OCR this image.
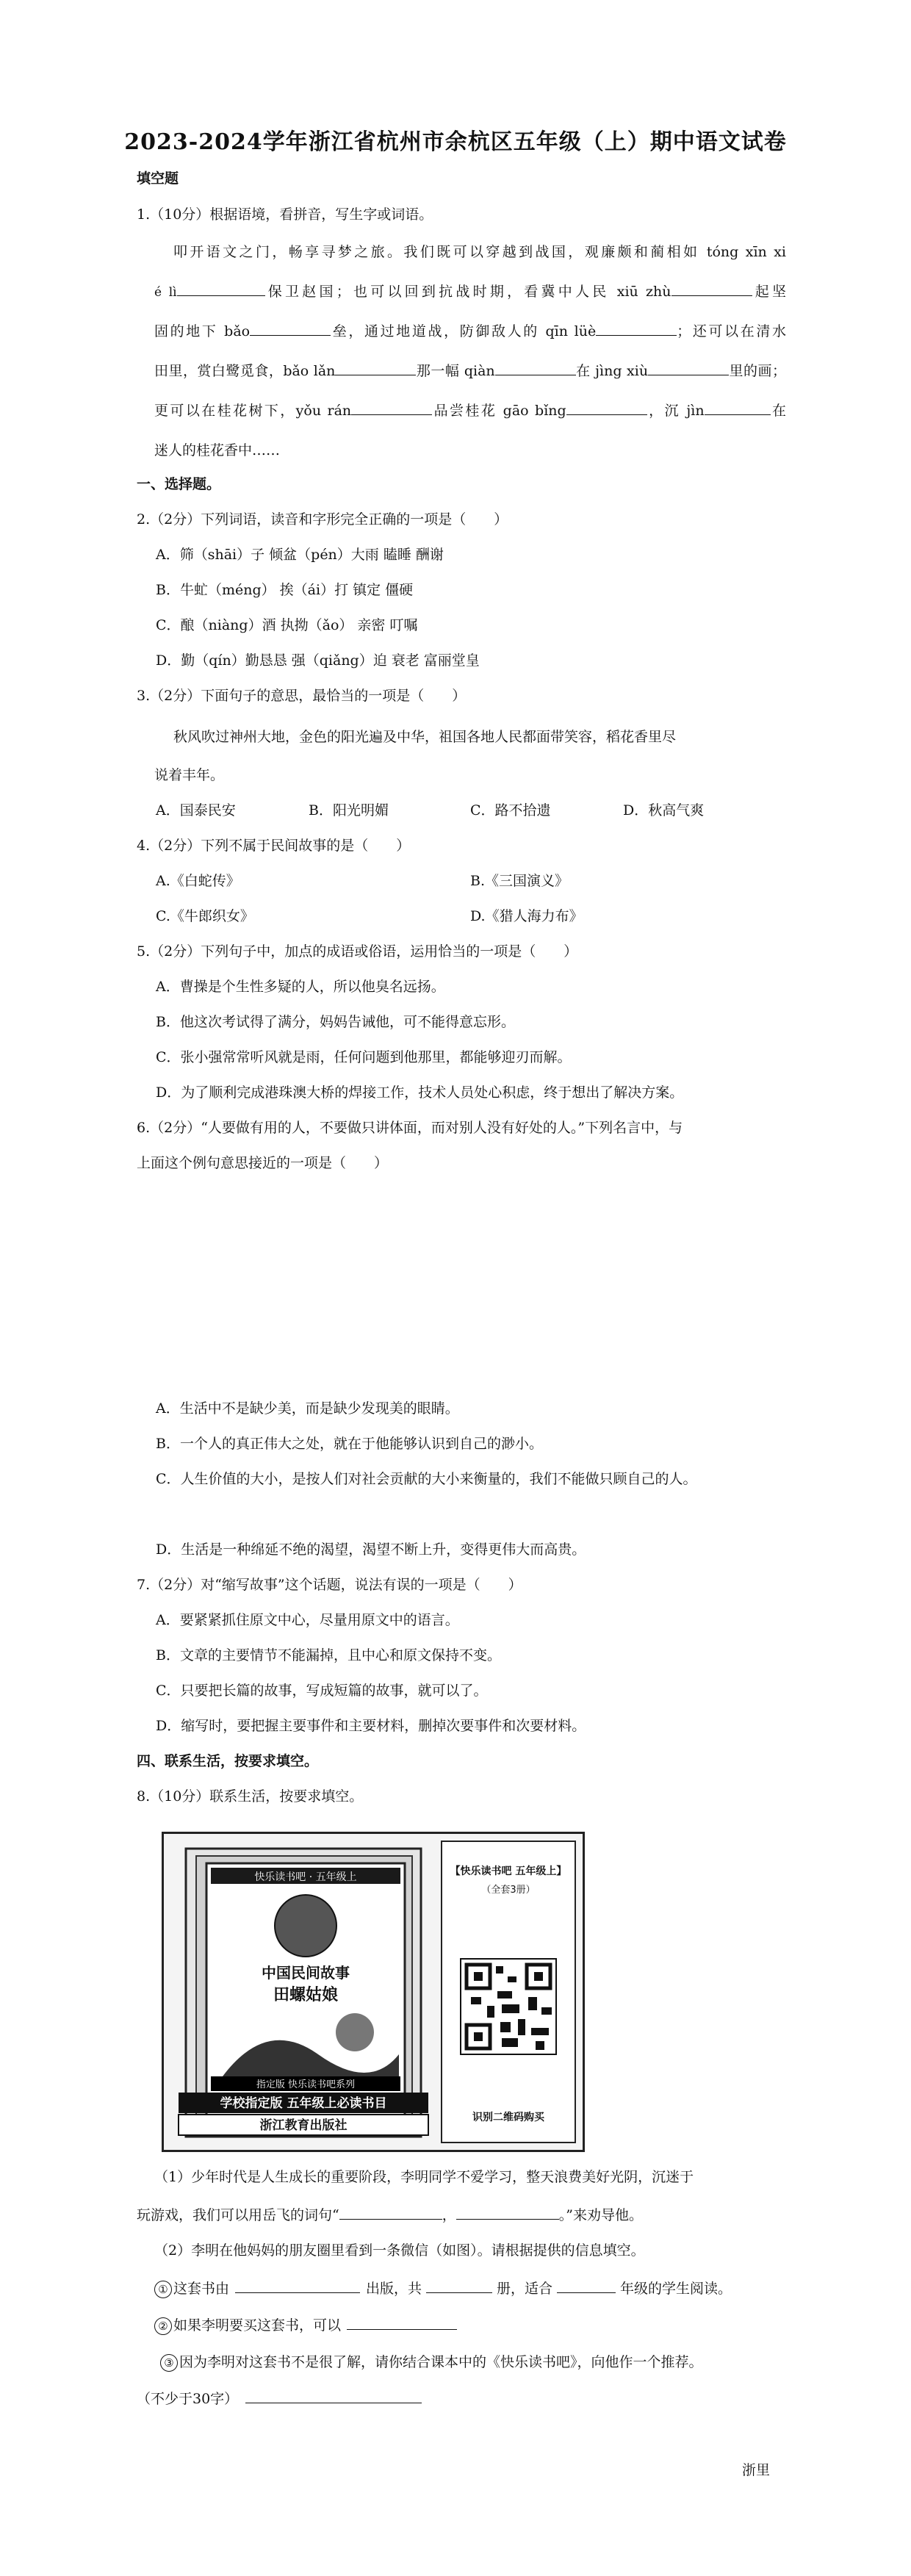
2023-2024学年浙江省杭州市余杭区五年级（上）期中语文试卷
填空题
1.（10分）根据语境，看拼音，写生字或词语。
叩开语文之门，畅享寻梦之旅。我们既可以穿越到战国，观廉颇和蔺相如 tóng xīn xi
é lì	保卫赵国；也可以回到抗战时期，看冀中人民 xiū zhù	起坚
固的地下 bǎo	垒，通过地道战，防御敌人的 qīn lüè	；还可以在清水
田里，赏白鹭觅食，bǎo lǎn	那一幅 qiàn	在 jìng xiù	里的画；
更可以在桂花树下，yǒu rán	品尝桂花 gāo bǐng	，沉 jìn	在
迷人的桂花香中……
一、选择题。
2.（2分）下列词语，读音和字形完全正确的一项是（　　）
A．筛（shāi）子 倾盆（pén）大雨 瞌睡 酬谢
B．牛虻（méng） 挨（ái）打 镇定 僵硬
C．酿（niàng）酒 执拗（ǎo） 亲密 叮嘱
D．勤（qín）勤恳恳 强（qiǎng）迫 衰老 富丽堂皇
3.（2分）下面句子的意思，最恰当的一项是（　　）
秋风吹过神州大地，金色的阳光遍及中华，祖国各地人民都面带笑容，稻花香里尽
说着丰年。
A．国泰民安	B．阳光明媚	C．路不拾遗	D．秋高气爽
4.（2分）下列不属于民间故事的是（　　）
A.《白蛇传》	B.《三国演义》
C.《牛郎织女》	D.《猎人海力布》
5.（2分）下列句子中，加点的成语或俗语，运用恰当的一项是（　　）
A．曹操是个生性多疑的人，所以他臭名远扬。
B．他这次考试得了满分，妈妈告诫他，可不能得意忘形。
C．张小强常常听风就是雨，任何问题到他那里，都能够迎刃而解。
D．为了顺利完成港珠澳大桥的焊接工作，技术人员处心积虑，终于想出了解决方案。
6.（2分）“人要做有用的人，不要做只讲体面，而对别人没有好处的人。”下列名言中，与
上面这个例句意思接近的一项是（　　）
A．生活中不是缺少美，而是缺少发现美的眼睛。
B．一个人的真正伟大之处，就在于他能够认识到自己的渺小。
C．人生价值的大小，是按人们对社会贡献的大小来衡量的，我们不能做只顾自己的人。
D．生活是一种绵延不绝的渴望，渴望不断上升，变得更伟大而高贵。
7.（2分）对“缩写故事”这个话题，说法有误的一项是（　　）
A．要紧紧抓住原文中心，尽量用原文中的语言。
B．文章的主要情节不能漏掉，且中心和原文保持不变。
C．只要把长篇的故事，写成短篇的故事，就可以了。
D．缩写时，要把握主要事件和主要材料，删掉次要事件和次要材料。
四、联系生活，按要求填空。
8.（10分）联系生活，按要求填空。
快乐读书吧 · 五年级上
中国民间故事
田螺姑娘
指定版 快乐读书吧系列
学校指定版 五年级上必读书目
浙江教育出版社
【快乐读书吧 五年级上】
（全套3册）
识别二维码购买
（1）少年时代是人生成长的重要阶段，李明同学不爱学习，整天浪费美好光阴，沉迷于
玩游戏，我们可以用岳飞的词句“	，	。”来劝导他。
（2）李明在他妈妈的朋友圈里看到一条微信（如图）。请根据提供的信息填空。
① 这套书由	出版，共	册，适合	年级的学生阅读。
② 如果李明要买这套书，可以
③ 因为李明对这套书不是很了解，请你结合课本中的《快乐读书吧》，向他作一个推荐。
（不少于30字）
浙里
